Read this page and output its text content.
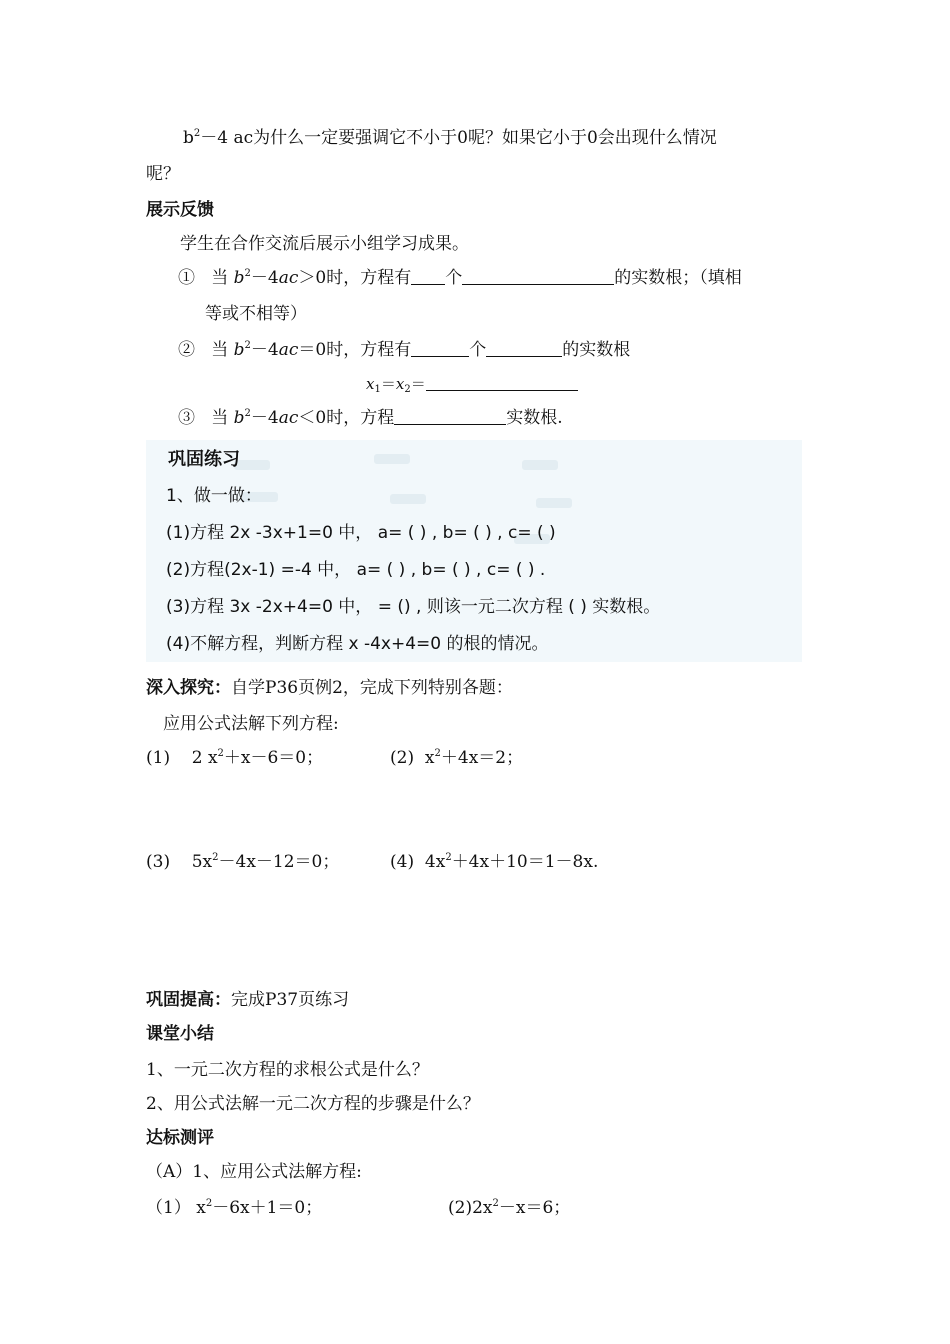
$b^2-4$ ac为什么一定要强调它不小于0呢？如果它小于0会出现什么情况
呢？
展示反馈
学生在合作交流后展示小组学习成果。
① 当 $b^2-4ac>0$时，方程有 个	的实数根；（填相
等或不相等）
② 当 $b^2-4ac=0$时，方程有	个	的实数根
$x_1=x_2=$
③ 当 $b^2-4ac<0$时，方程	实数根.
巩固练习
1、做一做：
(1)方程 2x -3x+1=0 中， a= ( ) , b= ( ) , c= ( )
(2)方程(2x-1) =-4 中， a= ( ) , b= ( ) , c= ( ) .
(3)方程 3x -2x+4=0 中， = () , 则该一元二次方程 ( ) 实数根。
(4)不解方程，判断方程 x -4x+4=0 的根的情况。
深入探究：自学P36页例2，完成下列特别各题：
应用公式法解下列方程:
(1) 2 $x^2+x-6=0$；	(2) $x^2+4x=2$；
(3) $5x^2-4x-12=0$；	(4) $4x^2+4x+10=1-8x$.
巩固提高：完成P37页练习
课堂小结
1、一元二次方程的求根公式是什么？
2、用公式法解一元二次方程的步骤是什么？
达标测评
（A）1、应用公式法解方程:
（1） $x^2-6x+1=0$；	$(2)2x^2-x=6$；
